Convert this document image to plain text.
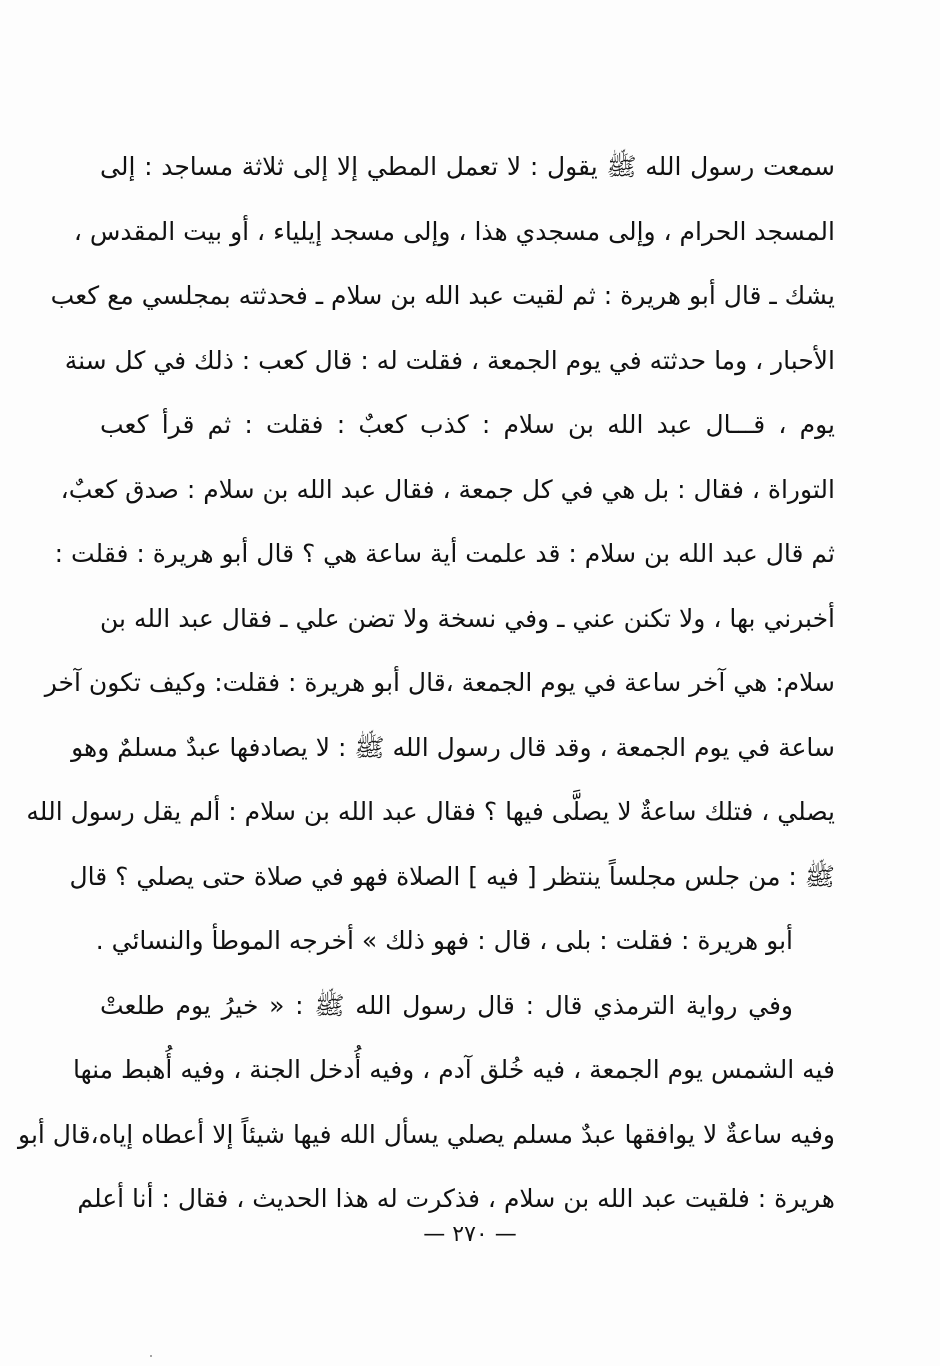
سمعت رسول الله ﷺ يقول : لا تعمل المطي إلا إلى ثلاثة مساجد : إلى
المسجد الحرام ، وإلى مسجدي هذا ، وإلى مسجد إيلياء ، أو بيت المقدس ،
يشك ـ قال أبو هريرة : ثم لقيت عبد الله بن سلام ـ فحدثته بمجلسي مع كعب
الأحبار ، وما حدثته في يوم الجمعة ، فقلت له : قال كعب : ذلك في كل سنة
يوم ، قـــال عبد الله بن سلام : كذب كعبٌ : فقلت : ثم قرأ كعب
التوراة ، فقال : بل هي في كل جمعة ، فقال عبد الله بن سلام : صدق كعبٌ،
ثم قال عبد الله بن سلام : قد علمت أية ساعة هي ؟ قال أبو هريرة : فقلت :
أخبرني بها ، ولا تكنن عني ـ وفي نسخة ولا تضن علي ـ فقال عبد الله بن
سلام: هي آخر ساعة في يوم الجمعة ،قال أبو هريرة : فقلت: وكيف تكون آخر
ساعة في يوم الجمعة ، وقد قال رسول الله ﷺ : لا يصادفها عبدٌ مسلمٌ وهو
يصلي ، فتلك ساعةٌ لا يصلَّى فيها ؟ فقال عبد الله بن سلام : ألم يقل رسول الله
ﷺ : من جلس مجلساً ينتظر [ فيه ] الصلاة فهو في صلاة حتى يصلي ؟ قال
أبو هريرة : فقلت : بلى ، قال : فهو ذلك » أخرجه الموطأ والنسائي .
وفي رواية الترمذي قال : قال رسول الله ﷺ : « خيرُ يوم طلعتْ
فيه الشمس يوم الجمعة ، فيه خُلق آدم ، وفيه أُدخل الجنة ، وفيه أُهبط منها
وفيه ساعةٌ لا يوافقها عبدٌ مسلم يصلي يسأل الله فيها شيئاً إلا أعطاه إياه،قال أبو
هريرة : فلقيت عبد الله بن سلام ، فذكرت له هذا الحديث ، فقال : أنا أعلم
— ٢٧٠ —
